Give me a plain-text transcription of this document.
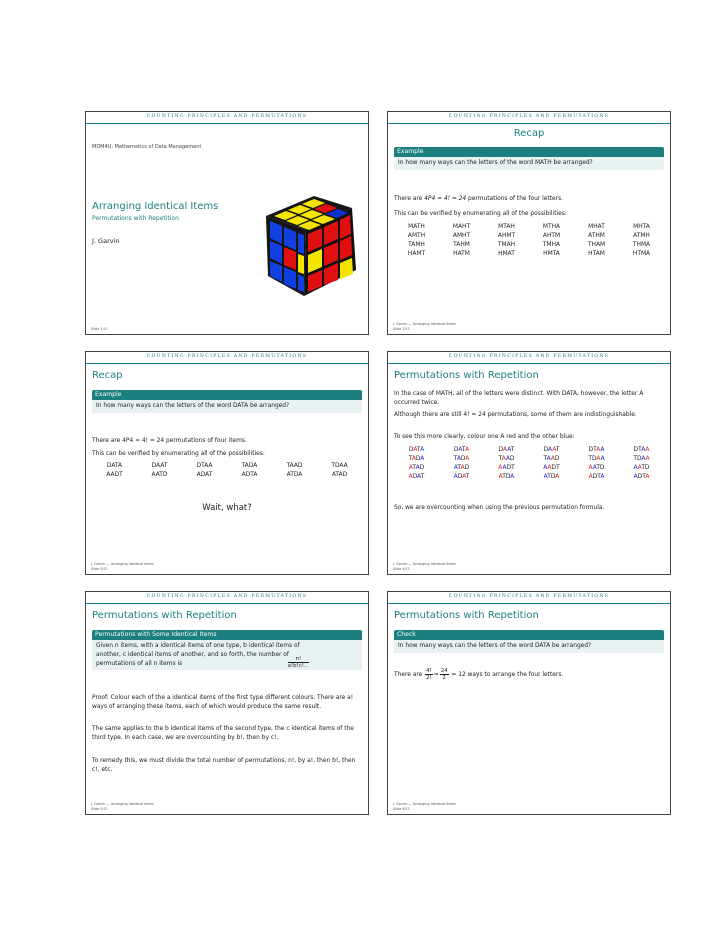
COUNTING PRINCIPLES AND PERMUTATIONS
MDM4U: Mathematics of Data Management
Arranging Identical Items
Permutations with Repetition
J. Garvin
Slide 1/11
COUNTING PRINCIPLES AND PERMUTATIONS
Recap
Example
In how many ways can the letters of the word MATH be arranged?
There are 4P4 = 4! = 24 permutations of the four letters.
This can be verified by enumerating all of the possibilities:
MATH	MAHT	MTAH	MTHA	MHAT	MHTA
AMTH	AMHT	AHMT	AHTM	ATHM	ATMH
TAMH	TAHM	TMAH	TMHA	THAM	THMA
HAMT	HATM	HMAT	HMTA	HTAM	HTMA
J. Garvin — Arranging Identical Items
Slide 2/11
COUNTING PRINCIPLES AND PERMUTATIONS
Recap
Example
In how many ways can the letters of the word DATA be arranged?
There are 4P4 = 4! = 24 permutations of four items.
This can be verified by enumerating all of the possibilities:
DATA	DAAT	DTAA	TADA	TAAD	TDAA
AADT	AATD	ADAT	ADTA	ATDA	ATAD
Wait, what?
J. Garvin — Arranging Identical Items
Slide 3/11
COUNTING PRINCIPLES AND PERMUTATIONS
Permutations with Repetition
In the case of MATH, all of the letters were distinct. With DATA, however, the letter A occurred twice.
Although there are still 4! = 24 permutations, some of them are indistinguishable.
To see this more clearly, colour one A red and the other blue:
DATA	DATA	DAAT	DAAT	DTAA	DTAA
TADA	TADA	TAAD	TAAD	TDAA	TDAA
ATAD	ATAD	AADT	AADT	AATD	AATD
ADAT	ADAT	ATDA	ATDA	ADTA	ADTA
So, we are overcounting when using the previous permutation formula.
J. Garvin — Arranging Identical Items
Slide 4/11
COUNTING PRINCIPLES AND PERMUTATIONS
Permutations with Repetition
Permutations with Some Identical Items
Given n items, with a identical items of one type, b identical items of another, c identical items of another, and so forth, the number of permutations of all n items is	$\frac{n!}{a!b!c!...}$
Proof: Colour each of the a identical items of the first type different colours. There are a! ways of arranging these items, each of which would produce the same result.
The same applies to the b identical items of the second type, the c identical items of the third type. In each case, we are overcounting by b!, then by c!.
To remedy this, we must divide the total number of permutations, n!, by a!, then b!, then c!, etc.
J. Garvin — Arranging Identical Items
Slide 5/11
COUNTING PRINCIPLES AND PERMUTATIONS
Permutations with Repetition
Check
In how many ways can the letters of the word DATA be arranged?
There are $\frac{4!}{2!} = \frac{24}{2} = 12$ ways to arrange the four letters.
J. Garvin — Arranging Identical Items
Slide 6/11
